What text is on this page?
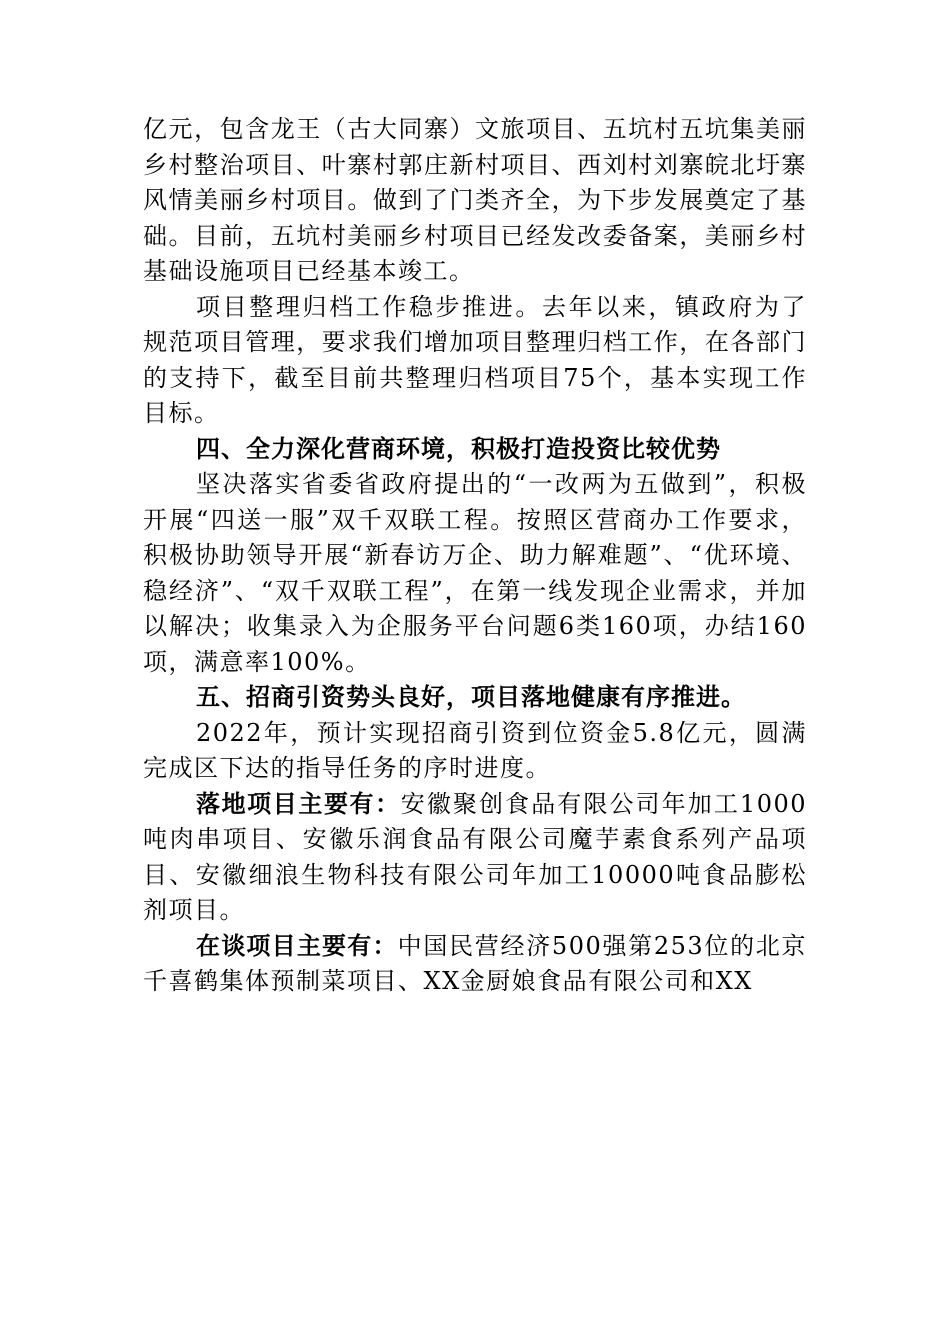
亿元，包含龙王（古大同寨）文旅项目、五坑村五坑集美丽乡村整治项目、叶寨村郭庄新村项目、西刘村刘寨皖北圩寨风情美丽乡村项目。做到了门类齐全，为下步发展奠定了基础。目前，五坑村美丽乡村项目已经发改委备案，美丽乡村基础设施项目已经基本竣工。

项目整理归档工作稳步推进。去年以来，镇政府为了规范项目管理，要求我们增加项目整理归档工作，在各部门的支持下，截至目前共整理归档项目75个，基本实现工作目标。

四、全力深化营商环境，积极打造投资比较优势

坚决落实省委省政府提出的“一改两为五做到”，积极开展“四送一服”双千双联工程。按照区营商办工作要求，积极协助领导开展“新春访万企、助力解难题”、“优环境、稳经济”、“双千双联工程”，在第一线发现企业需求，并加以解决；收集录入为企服务平台问题6类160项，办结160项，满意率100%。

五、招商引资势头良好，项目落地健康有序推进。

2022年，预计实现招商引资到位资金5.8亿元，圆满完成区下达的指导任务的序时进度。

落地项目主要有：安徽聚创食品有限公司年加工1000吨肉串项目、安徽乐润食品有限公司魔芋素食系列产品项目、安徽细浪生物科技有限公司年加工10000吨食品膨松剂项目。

在谈项目主要有：中国民营经济500强第253位的北京千喜鹤集体预制菜项目、XX金厨娘食品有限公司和XX
